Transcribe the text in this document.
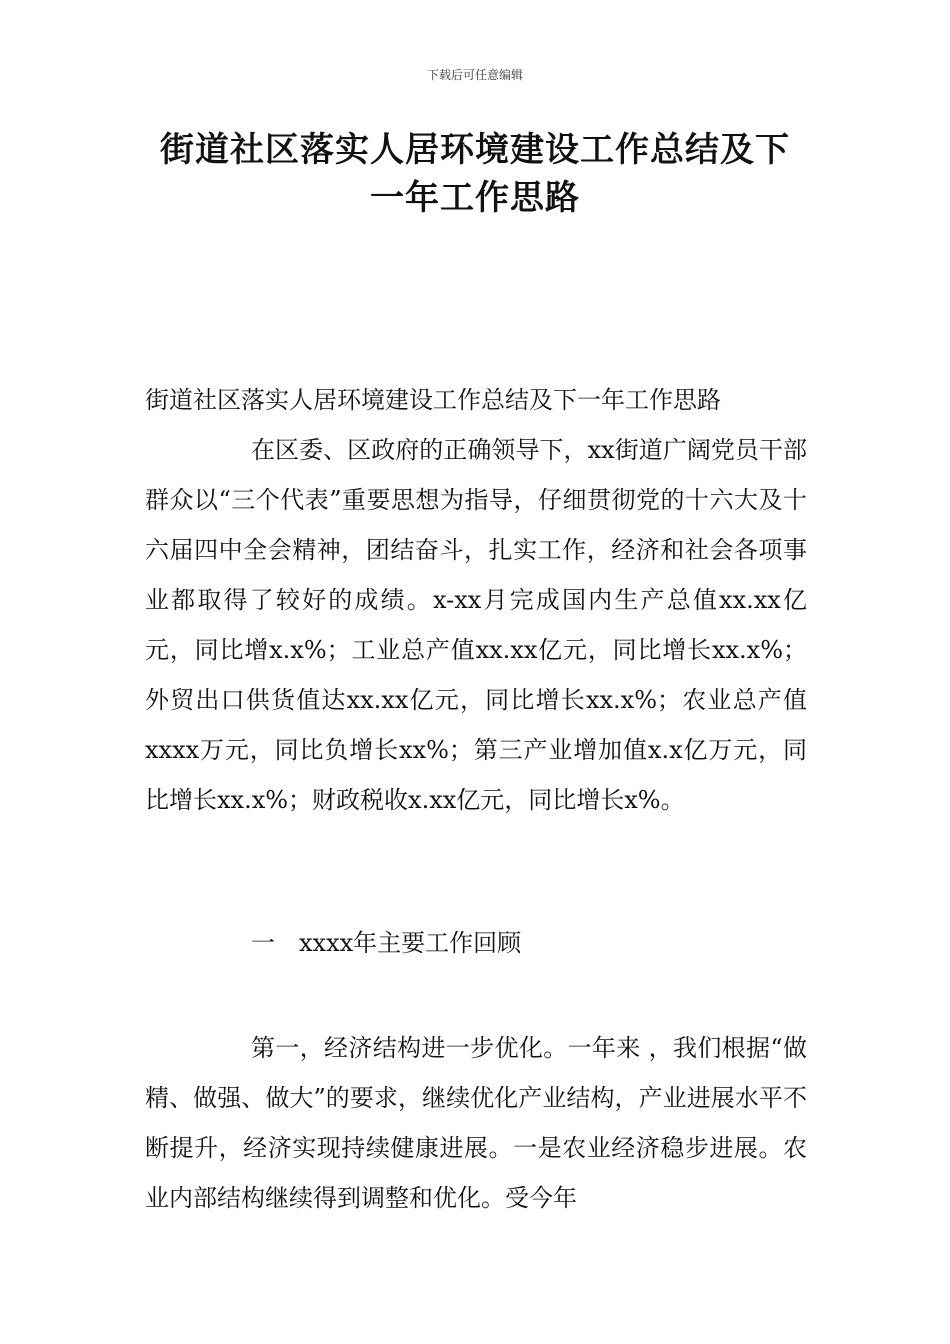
下载后可任意编辑
街道社区落实人居环境建设工作总结及下
一年工作思路

街道社区落实人居环境建设工作总结及下一年工作思路

在区委、区政府的正确领导下，xx街道广阔党员干部群众以“三个代表”重要思想为指导，仔细贯彻党的十六大及十六届四中全会精神，团结奋斗，扎实工作，经济和社会各项事业都取得了较好的成绩。x-xx月完成国内生产总值xx.xx亿元，同比增x.x%；工业总产值xx.xx亿元，同比增长xx.x%；外贸出口供货值达xx.xx亿元，同比增长xx.x%；农业总产值xxxx万元，同比负增长xx%；第三产业增加值x.x亿万元，同比增长xx.x%；财政税收x.xx亿元，同比增长x%。

一　xxxx年主要工作回顾

第一，经济结构进一步优化。一年来 ，我们根据“做精、做强、做大”的要求，继续优化产业结构，产业进展水平不断提升，经济实现持续健康进展。一是农业经济稳步进展。农业内部结构继续得到调整和优化。受今年
